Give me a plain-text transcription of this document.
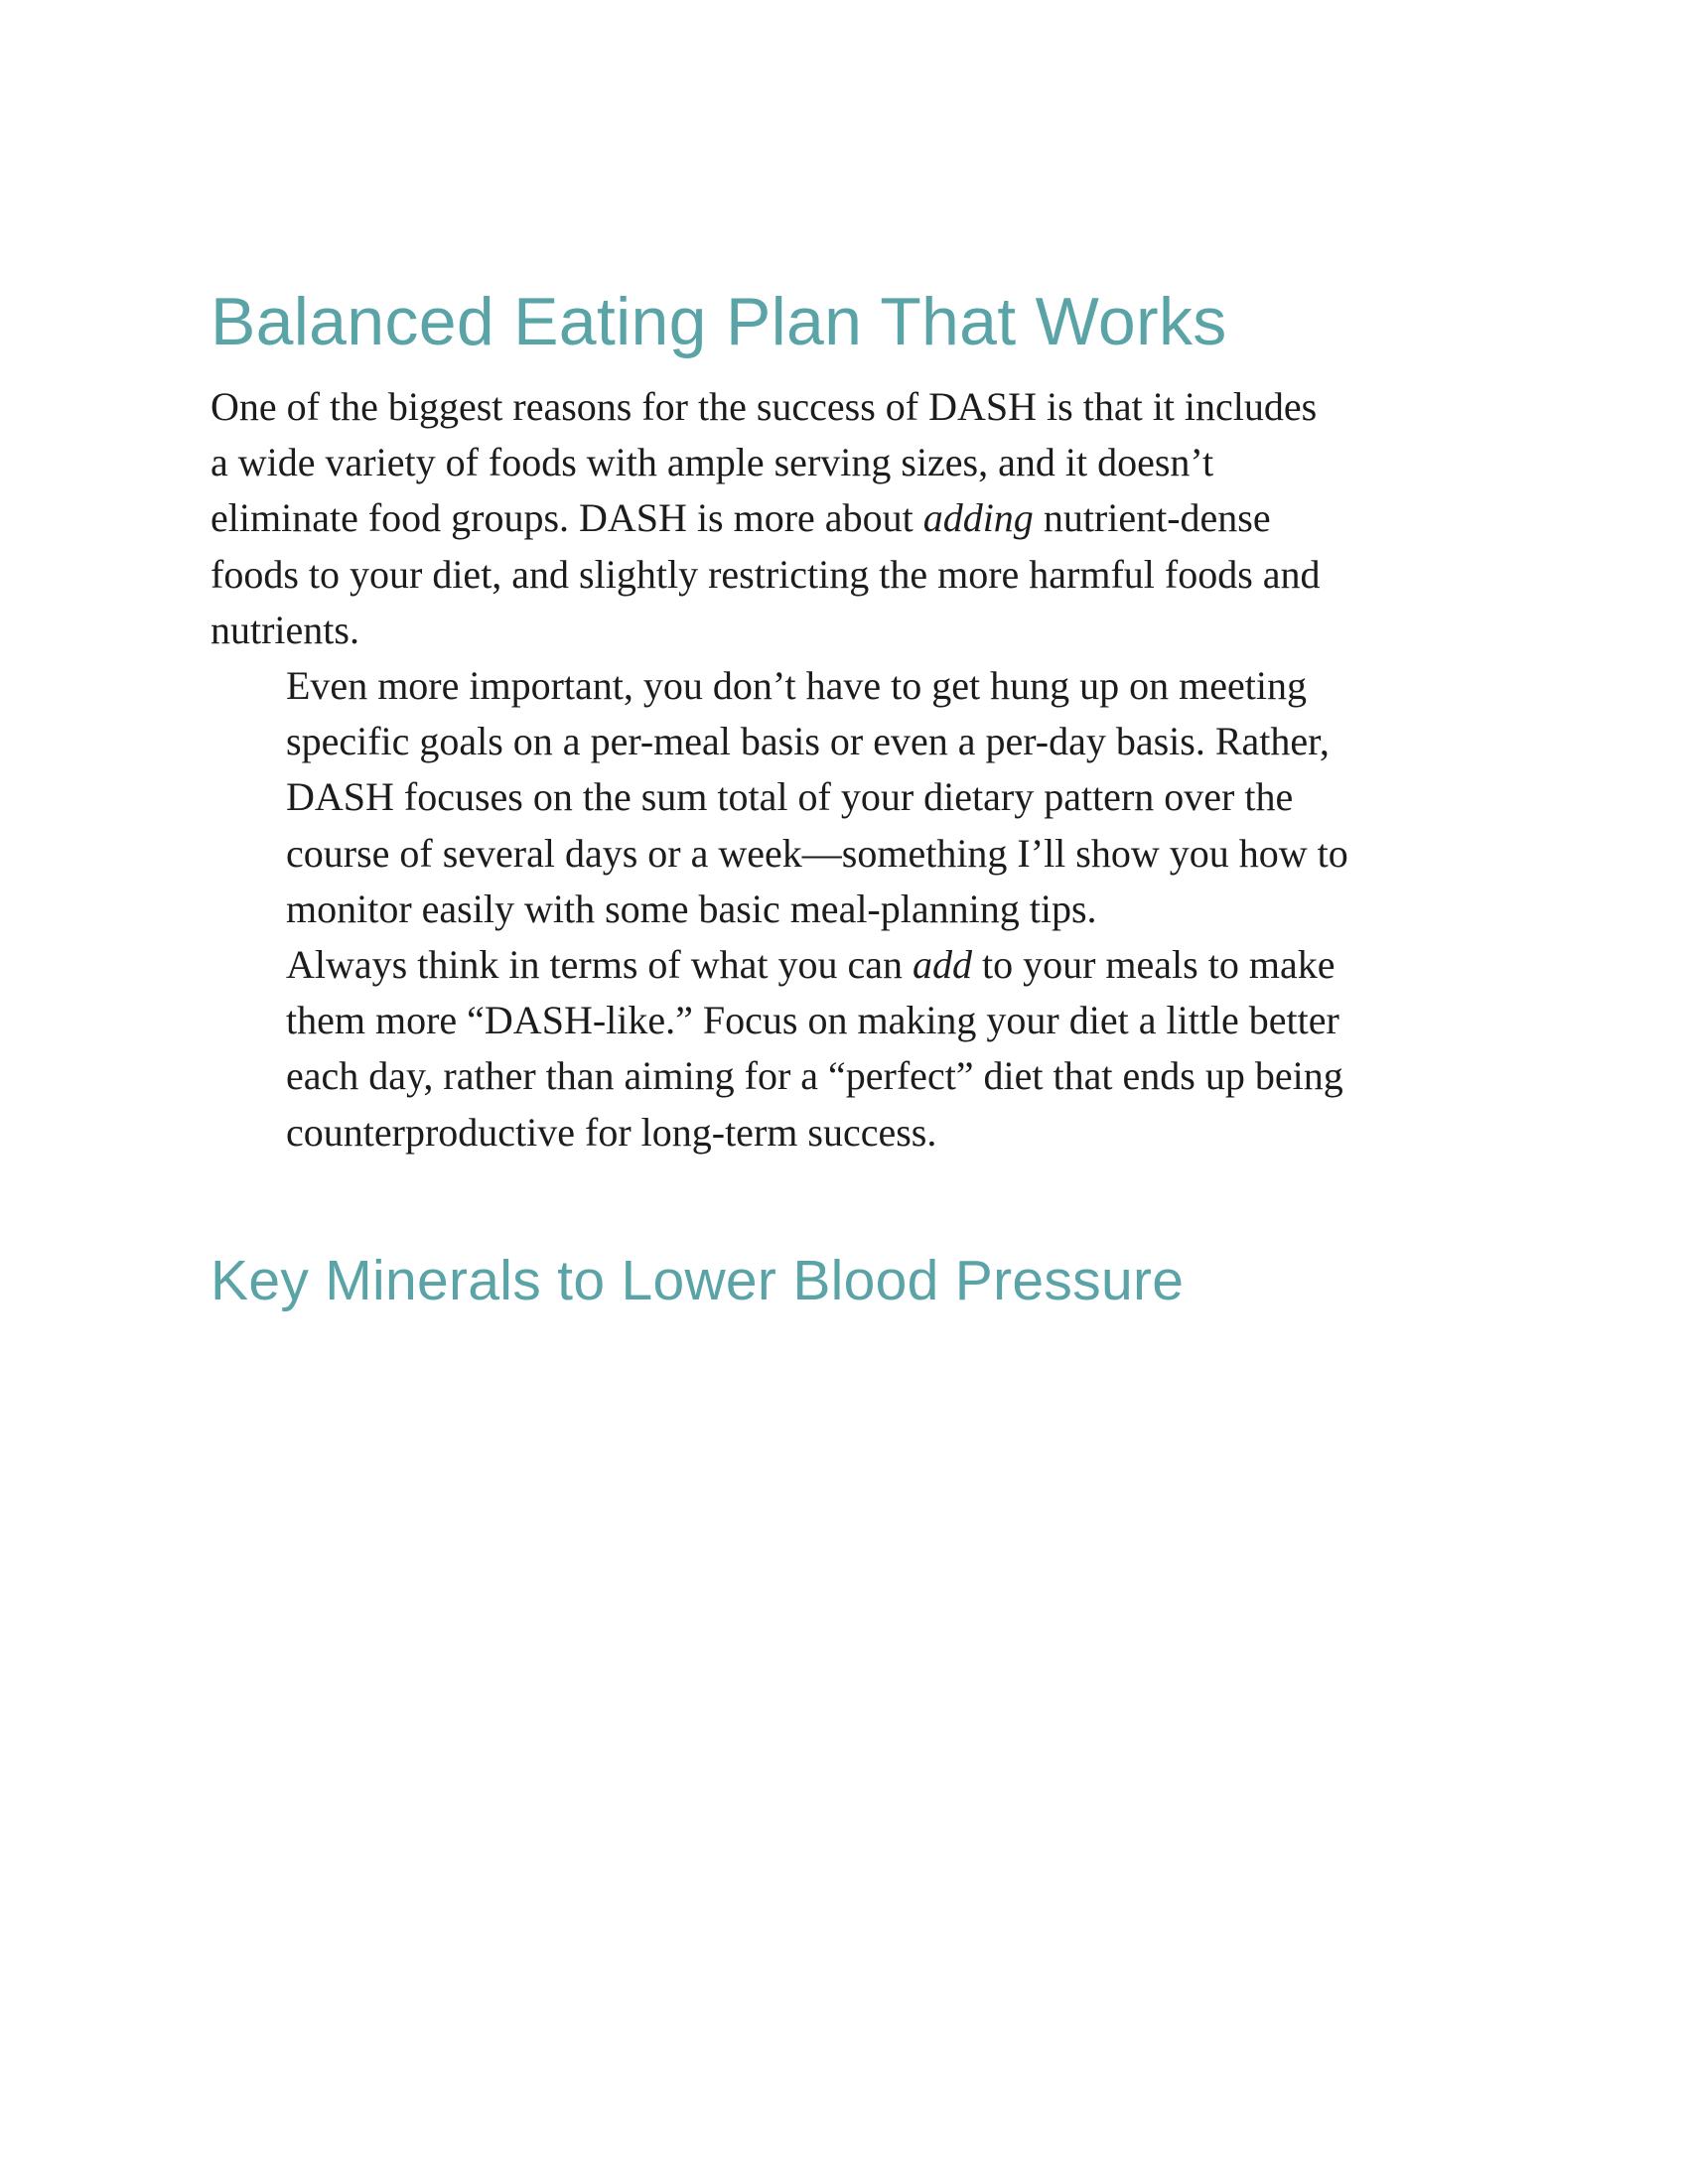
Balanced Eating Plan That Works

One of the biggest reasons for the success of DASH is that it includes
a wide variety of foods with ample serving sizes, and it doesn’t
eliminate food groups. DASH is more about adding nutrient-dense
foods to your diet, and slightly restricting the more harmful foods and
nutrients.

Even more important, you don’t have to get hung up on meeting
specific goals on a per-meal basis or even a per-day basis. Rather,
DASH focuses on the sum total of your dietary pattern over the
course of several days or a week—something I’ll show you how to
monitor easily with some basic meal-planning tips.

Always think in terms of what you can add to your meals to make
them more “DASH-like.” Focus on making your diet a little better
each day, rather than aiming for a “perfect” diet that ends up being
counterproductive for long-term success.

Key Minerals to Lower Blood Pressure
